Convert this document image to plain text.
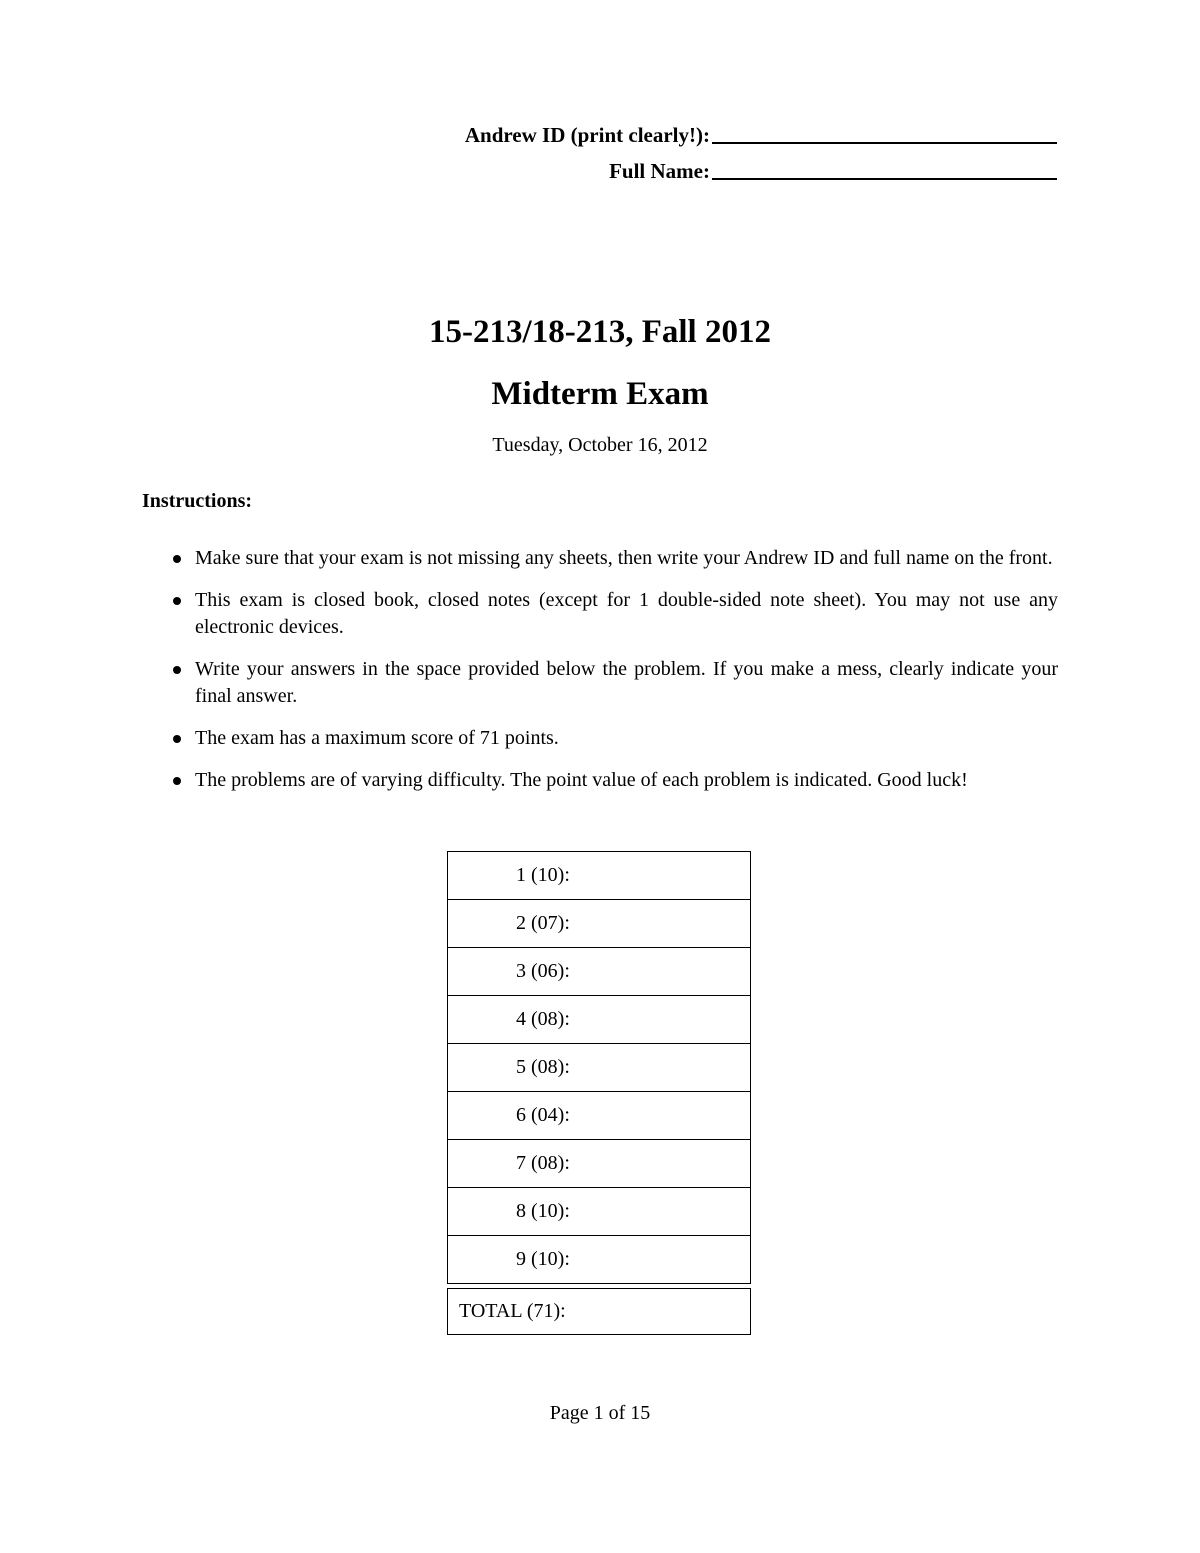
Andrew ID (print clearly!):
Full Name:
15-213/18-213, Fall 2012
Midterm Exam
Tuesday, October 16, 2012
Instructions:
Make sure that your exam is not missing any sheets, then write your Andrew ID and full name on the front.
This exam is closed book, closed notes (except for 1 double-sided note sheet). You may not use any electronic devices.
Write your answers in the space provided below the problem. If you make a mess, clearly indicate your final answer.
The exam has a maximum score of 71 points.
The problems are of varying difficulty. The point value of each problem is indicated. Good luck!
1 (10):
2 (07):
3 (06):
4 (08):
5 (08):
6 (04):
7 (08):
8 (10):
9 (10):
TOTAL (71):
Page 1 of 15
